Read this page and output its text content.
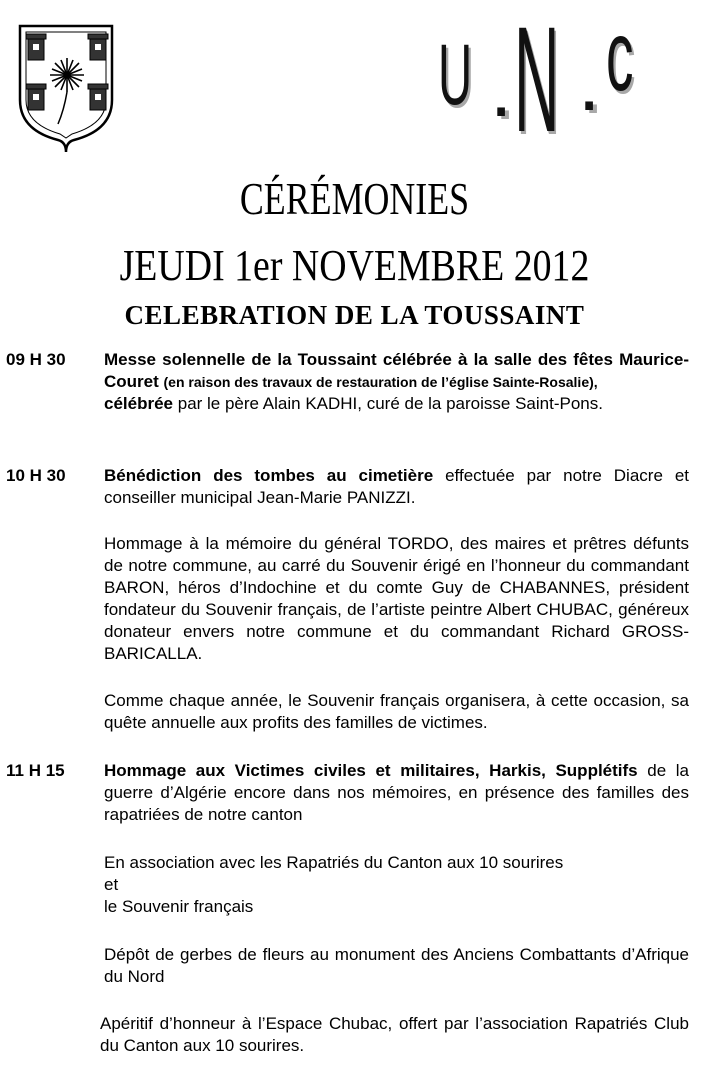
U . N . c
CÉRÉMONIES
JEUDI 1er NOVEMBRE 2012
CELEBRATION DE LA TOUSSAINT
09 H 30 Messe solennelle de la Toussaint célébrée à la salle des fêtes Maurice-Couret (en raison des travaux de restauration de l’église Sainte-Rosalie),
célébrée par le père Alain KADHI, curé de la paroisse Saint-Pons.
10 H 30 Bénédiction des tombes au cimetière effectuée par notre Diacre et conseiller municipal Jean-Marie PANIZZI.
Hommage à la mémoire du général TORDO, des maires et prêtres défunts de notre commune, au carré du Souvenir érigé en l’honneur du commandant BARON, héros d’Indochine et du comte Guy de CHABANNES, président fondateur du Souvenir français, de l’artiste peintre Albert CHUBAC, généreux donateur envers notre commune et du commandant Richard GROSS-BARICALLA.
Comme chaque année, le Souvenir français organisera, à cette occasion, sa quête annuelle aux profits des familles de victimes.
11 H 15 Hommage aux Victimes civiles et militaires, Harkis, Supplétifs de la guerre d’Algérie encore dans nos mémoires, en présence des familles des rapatriées de notre canton
En association avec les Rapatriés du Canton aux 10 sourires
et
le Souvenir français
Dépôt de gerbes de fleurs au monument des Anciens Combattants d’Afrique du Nord
Apéritif d’honneur à l’Espace Chubac, offert par l’association Rapatriés Club du Canton aux 10 sourires.
